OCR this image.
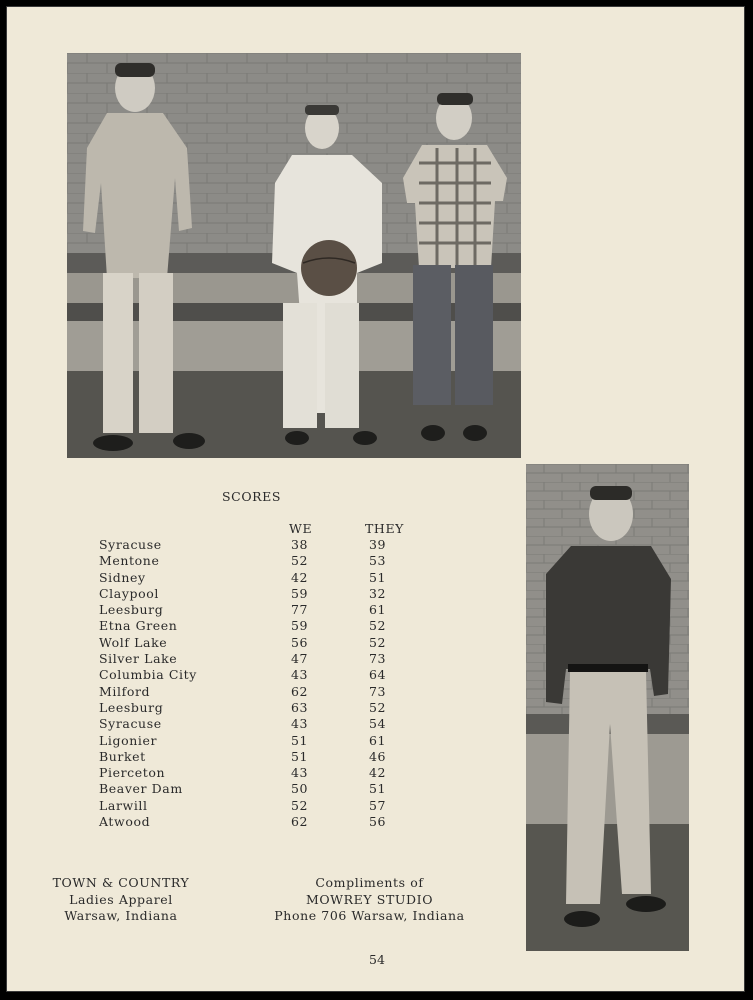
SCORES
WE	THEY
Syracuse	38	39
Mentone	52	53
Sidney	42	51
Claypool	59	32
Leesburg	77	61
Etna Green	59	52
Wolf Lake	56	52
Silver Lake	47	73
Columbia City	43	64
Milford	62	73
Leesburg	63	52
Syracuse	43	54
Ligonier	51	61
Burket	51	46
Pierceton	43	42
Beaver Dam	50	51
Larwill	52	57
Atwood	62	56
TOWN & COUNTRY
Ladies Apparel
Warsaw, Indiana
Compliments of
MOWREY STUDIO
Phone 706 Warsaw, Indiana
54
